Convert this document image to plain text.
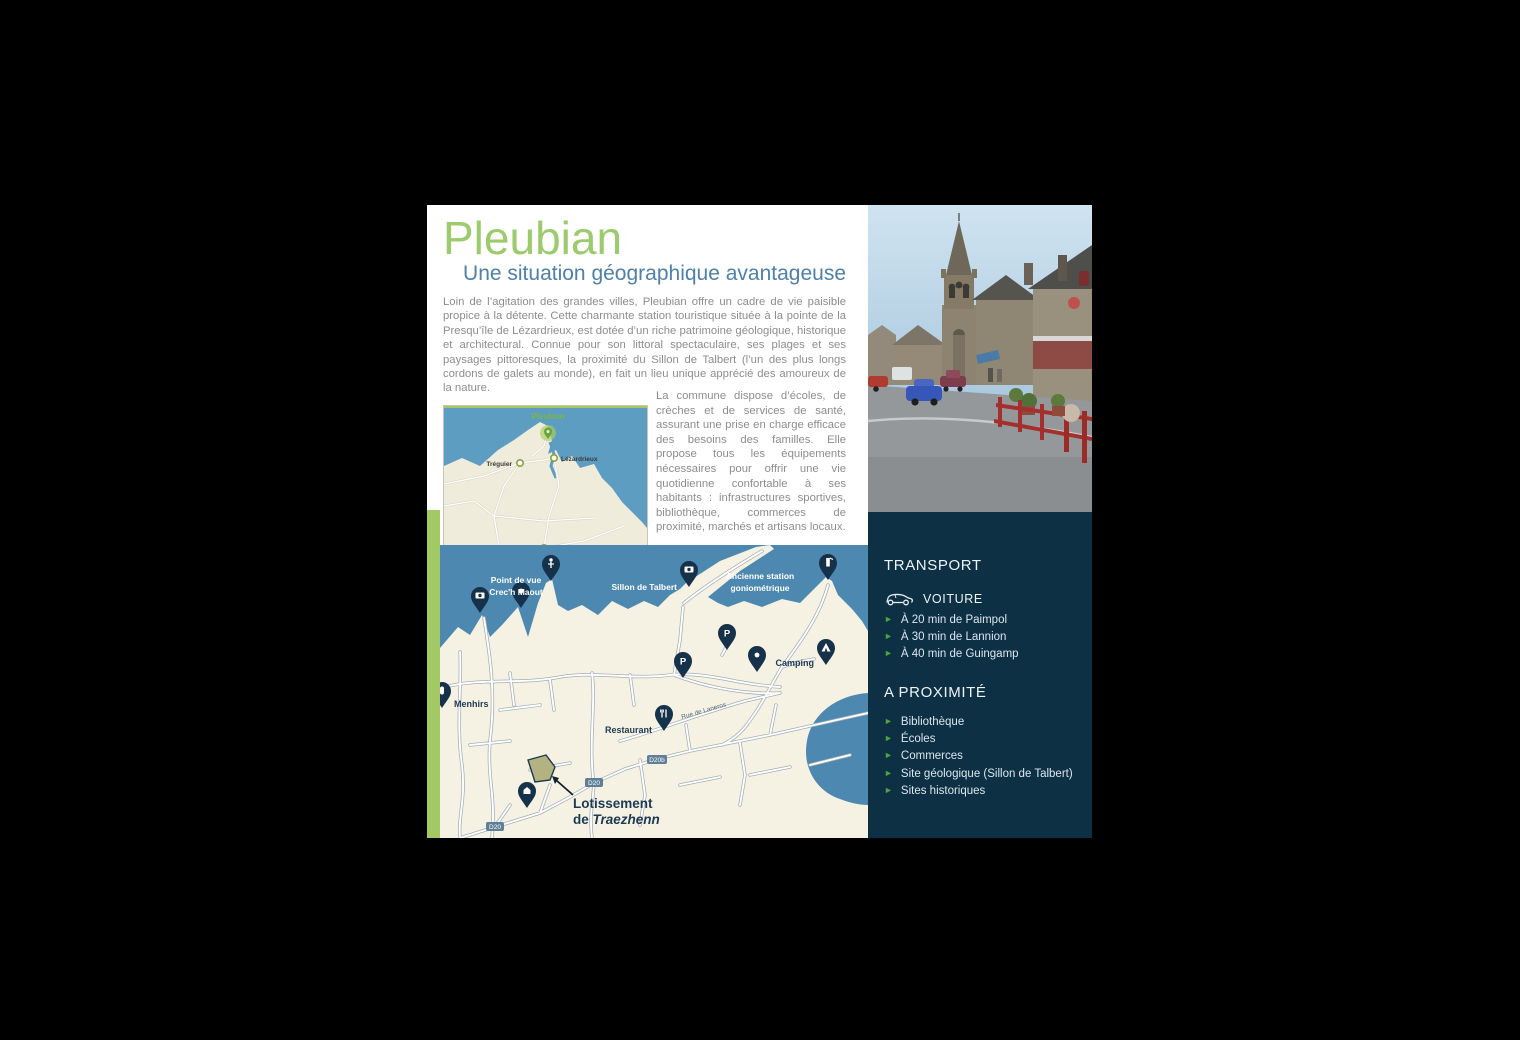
Pleubian
Une situation géographique avantageuse
Loin de l’agitation des grandes villes, Pleubian offre un cadre de vie paisible propice à la détente. Cette charmante station touristique située à la pointe de la Presqu’île de Lézardrieux, est dotée d’un riche patrimoine géologique, historique et architectural. Connue pour son littoral spectaculaire, ses plages et ses paysages pittoresques, la proximité du Sillon de Talbert (l’un des plus longs cordons de galets au monde), en fait un lieu unique apprécié des amoureux de la nature.
La commune dispose d’écoles, de crèches et de services de santé, assurant une prise en charge efficace des besoins des familles. Elle propose tous les équipements nécessaires pour offrir une vie quotidienne confortable à ses habitants : infrastructures sportives, bibliothèque, commerces de proximité, marchés et artisans locaux.
Pleubian
Tréguier
Lézardrieux
D20
D20
D20b
Rue de Laneros
P
P
Point de vue
Crec'h Maout	Sillon de Talbert
Ancienne station
goniométrique
Camping
Menhirs
Restaurant
Lotissement
de Traezhenn
TRANSPORT
VOITURE
► À 20 min de Paimpol
► À 30 min de Lannion
► À 40 min de Guingamp
A PROXIMITÉ
► Bibliothèque
► Écoles
► Commerces
► Site géologique (Sillon de Talbert)
► Sites historiques
